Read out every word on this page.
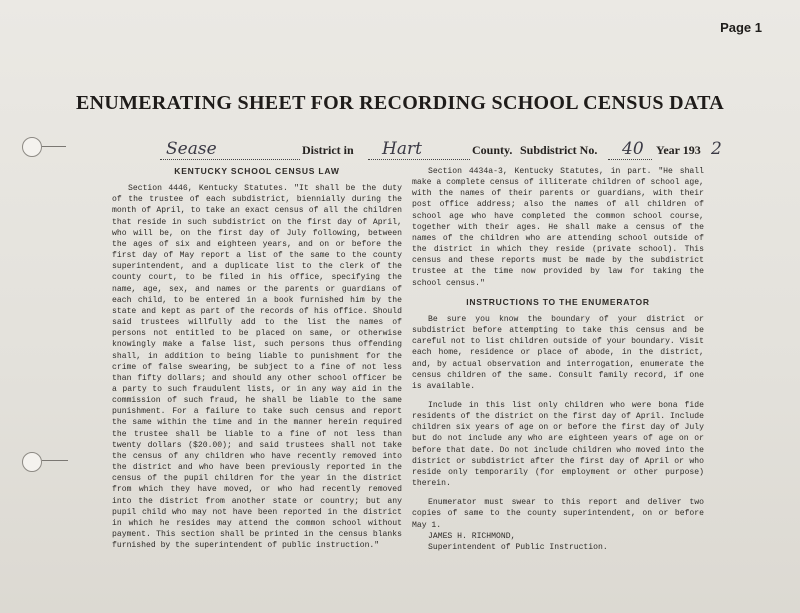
Page 1
ENUMERATING SHEET FOR RECORDING SCHOOL CENSUS DATA
Sease	District in Hart	County. Subdistrict No. 40 Year 193 2

KENTUCKY SCHOOL CENSUS LAW

Section 4446, Kentucky Statutes. "It shall be the duty of the trustee of each subdistrict, biennially during the month of April, to take an exact census of all the children that reside in such subdistrict on the first day of April, who will be, on the first day of July following, between the ages of six and eighteen years, and on or before the first day of May report a list of the same to the county superintendent, and a duplicate list to the clerk of the county court, to be filed in his office, specifying the name, age, sex, and names or the parents or guardians of each child, to be entered in a book furnished him by the state and kept as part of the records of his office. Should said trustees willfully add to the list the names of persons not entitled to be placed on same, or otherwise knowingly make a false list, such persons thus offending shall, in addition to being liable to punishment for the crime of false swearing, be subject to a fine of not less than fifty dollars; and should any other school officer be a party to such fraudulent lists, or in any way aid in the commission of such fraud, he shall be liable to the same punishment. For a failure to take such census and report the same within the time and in the manner herein required the trustee shall be liable to a fine of not less than twenty dollars ($20.00); and said trustees shall not take the census of any children who have recently removed into the district and who have been previously reported in the census of the pupil children for the year in the district from which they have moved, or who had recently removed into the district from another state or country; but any pupil child who may not have been reported in the district in which he resides may attend the common school without payment. This section shall be printed in the census blanks furnished by the superintendent of public instruction."

Section 4434a-3, Kentucky Statutes, in part. "He shall make a complete census of illiterate children of school age, with the names of their parents or guardians, with their post office address; also the names of all children of school age who have completed the common school course, together with their ages. He shall make a census of the names of the children who are attending school outside of the district in which they reside (private school). This census and these reports must be made by the subdistrict trustee at the time now provided by law for taking the school census."

INSTRUCTIONS TO THE ENUMERATOR

Be sure you know the boundary of your district or subdistrict before attempting to take this census and be careful not to list children outside of your boundary. Visit each home, residence or place of abode, in the district, and, by actual observation and interrogation, enumerate the census children of the same. Consult family record, if one is available.

Include in this list only children who were bona fide residents of the district on the first day of April. Include children six years of age on or before the first day of July but do not include any who are eighteen years of age on or before that date. Do not include children who moved into the district or subdistrict after the first day of April or who reside only temporarily (for employment or other purpose) therein.

Enumerator must swear to this report and deliver two copies of same to the county superintendent, on or before May 1.

JAMES H. RICHMOND,

Superintendent of Public Instruction.
